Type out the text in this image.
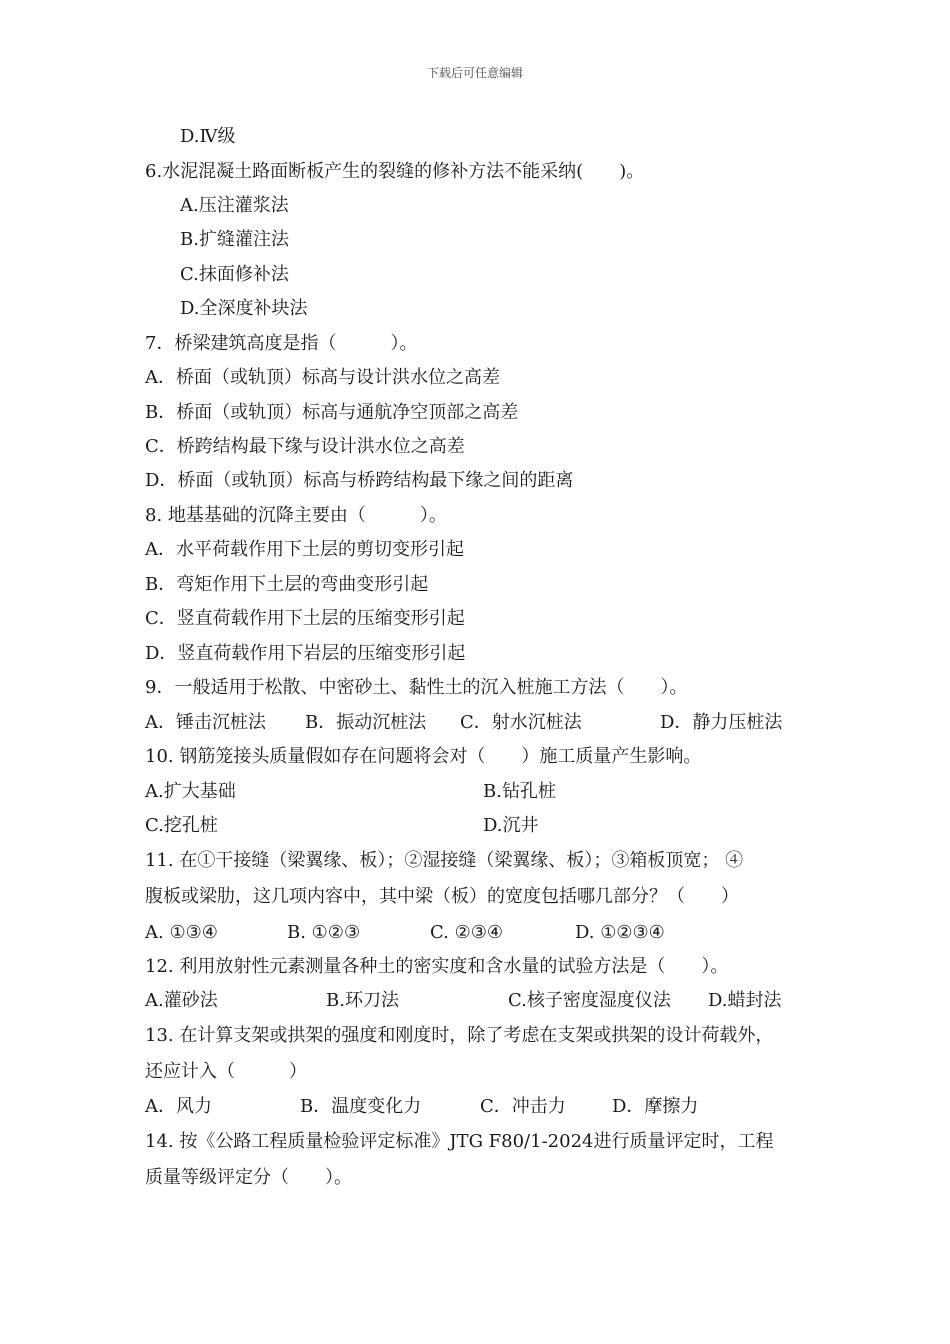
下载后可任意编辑
D.Ⅳ级
6.水泥混凝土路面断板产生的裂缝的修补方法不能采纳(　　)。
A.压注灌浆法
B.扩缝灌注法
C.抹面修补法
D.全深度补块法
7．桥梁建筑高度是指（　　　）。
A．桥面（或轨顶）标高与设计洪水位之高差
B．桥面（或轨顶）标高与通航净空顶部之高差
C．桥跨结构最下缘与设计洪水位之高差
D．桥面（或轨顶）标高与桥跨结构最下缘之间的距离
8. 地基基础的沉降主要由（　　　）。
A．水平荷载作用下土层的剪切变形引起
B．弯矩作用下土层的弯曲变形引起
C．竖直荷载作用下土层的压缩变形引起
D．竖直荷载作用下岩层的压缩变形引起
9．一般适用于松散、中密砂土、黏性土的沉入桩施工方法（　　）。
A．锤击沉桩法 B．振动沉桩法 C．射水沉桩法	D．静力压桩法
10. 钢筋笼接头质量假如存在问题将会对（　　）施工质量产生影响。
A.扩大基础	B.钻孔桩
C.挖孔桩	D.沉井
11. 在①干接缝（梁翼缘、板）；②湿接缝（梁翼缘、板）；③箱板顶宽； ④
腹板或梁肋，这几项内容中，其中梁（板）的宽度包括哪几部分？（　　）
A. ①③④	B. ①②③	C. ②③④	D. ①②③④
12. 利用放射性元素测量各种土的密实度和含水量的试验方法是（　　）。
A.灌砂法	B.环刀法	C.核子密度湿度仪法 D.蜡封法
13. 在计算支架或拱架的强度和刚度时，除了考虑在支架或拱架的设计荷载外，
还应计入（　　　）
A．风力	B．温度变化力	C．冲击力	D．摩擦力
14. 按《公路工程质量检验评定标准》JTG F80/1-2024进行质量评定时，工程
质量等级评定分（　　）。
